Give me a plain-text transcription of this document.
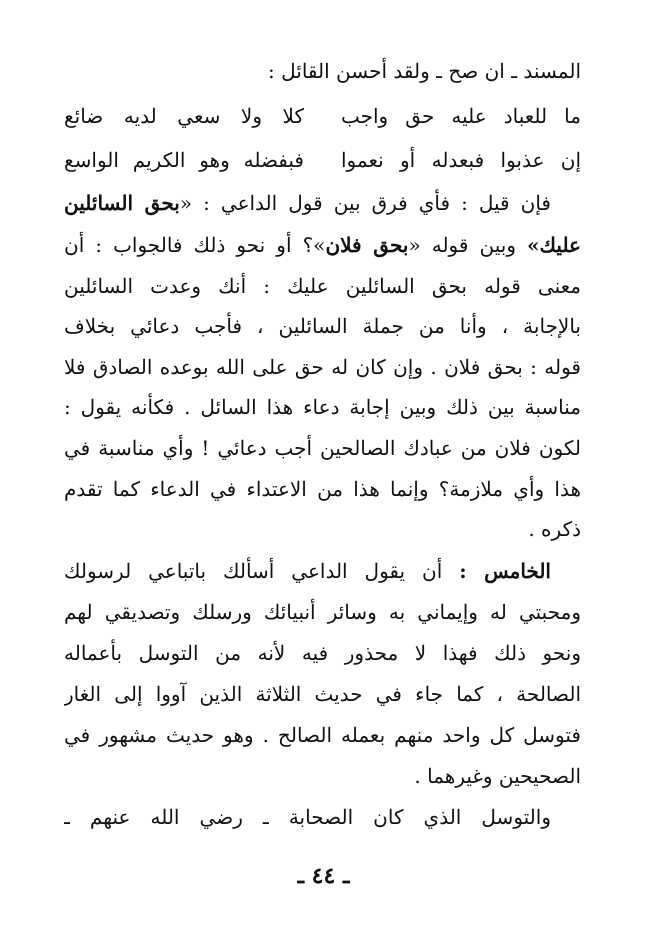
المسند ـ ان صح ـ ولقد أحسن القائل :
ما للعباد عليه حق واجب
كلا ولا سعي لديه ضائع
إن عذبوا فبعدله أو نعموا
فبفضله وهو الكريم الواسع
فإن قيل : فأي فرق بين قول الداعي : «بحق السائلين
عليك» وبين قوله «بحق فلان»؟ أو نحو ذلك فالجواب : أن
معنى قوله بحق السائلين عليك : أنك وعدت السائلين
بالإجابة ، وأنا من جملة السائلين ، فأجب دعائي بخلاف
قوله : بحق فلان . وإن كان له حق على الله بوعده الصادق فلا
مناسبة بين ذلك وبين إجابة دعاء هذا السائل . فكأنه يقول :
لكون فلان من عبادك الصالحين أجب دعائي ! وأي مناسبة في
هذا وأي ملازمة؟ وإنما هذا من الاعتداء في الدعاء كما تقدم
ذكره .
الخامس : أن يقول الداعي أسألك باتباعي لرسولك
ومحبتي له وإيماني به وسائر أنبيائك ورسلك وتصديقي لهم
ونحو ذلك فهذا لا محذور فيه لأنه من التوسل بأعماله
الصالحة ، كما جاء في حديث الثلاثة الذين آووا إلى الغار
فتوسل كل واحد منهم بعمله الصالح . وهو حديث مشهور في
الصحيحين وغيرهما .
والتوسل الذي كان الصحابة ـ رضي الله عنهم ـ
ـ ٤٤ ـ
